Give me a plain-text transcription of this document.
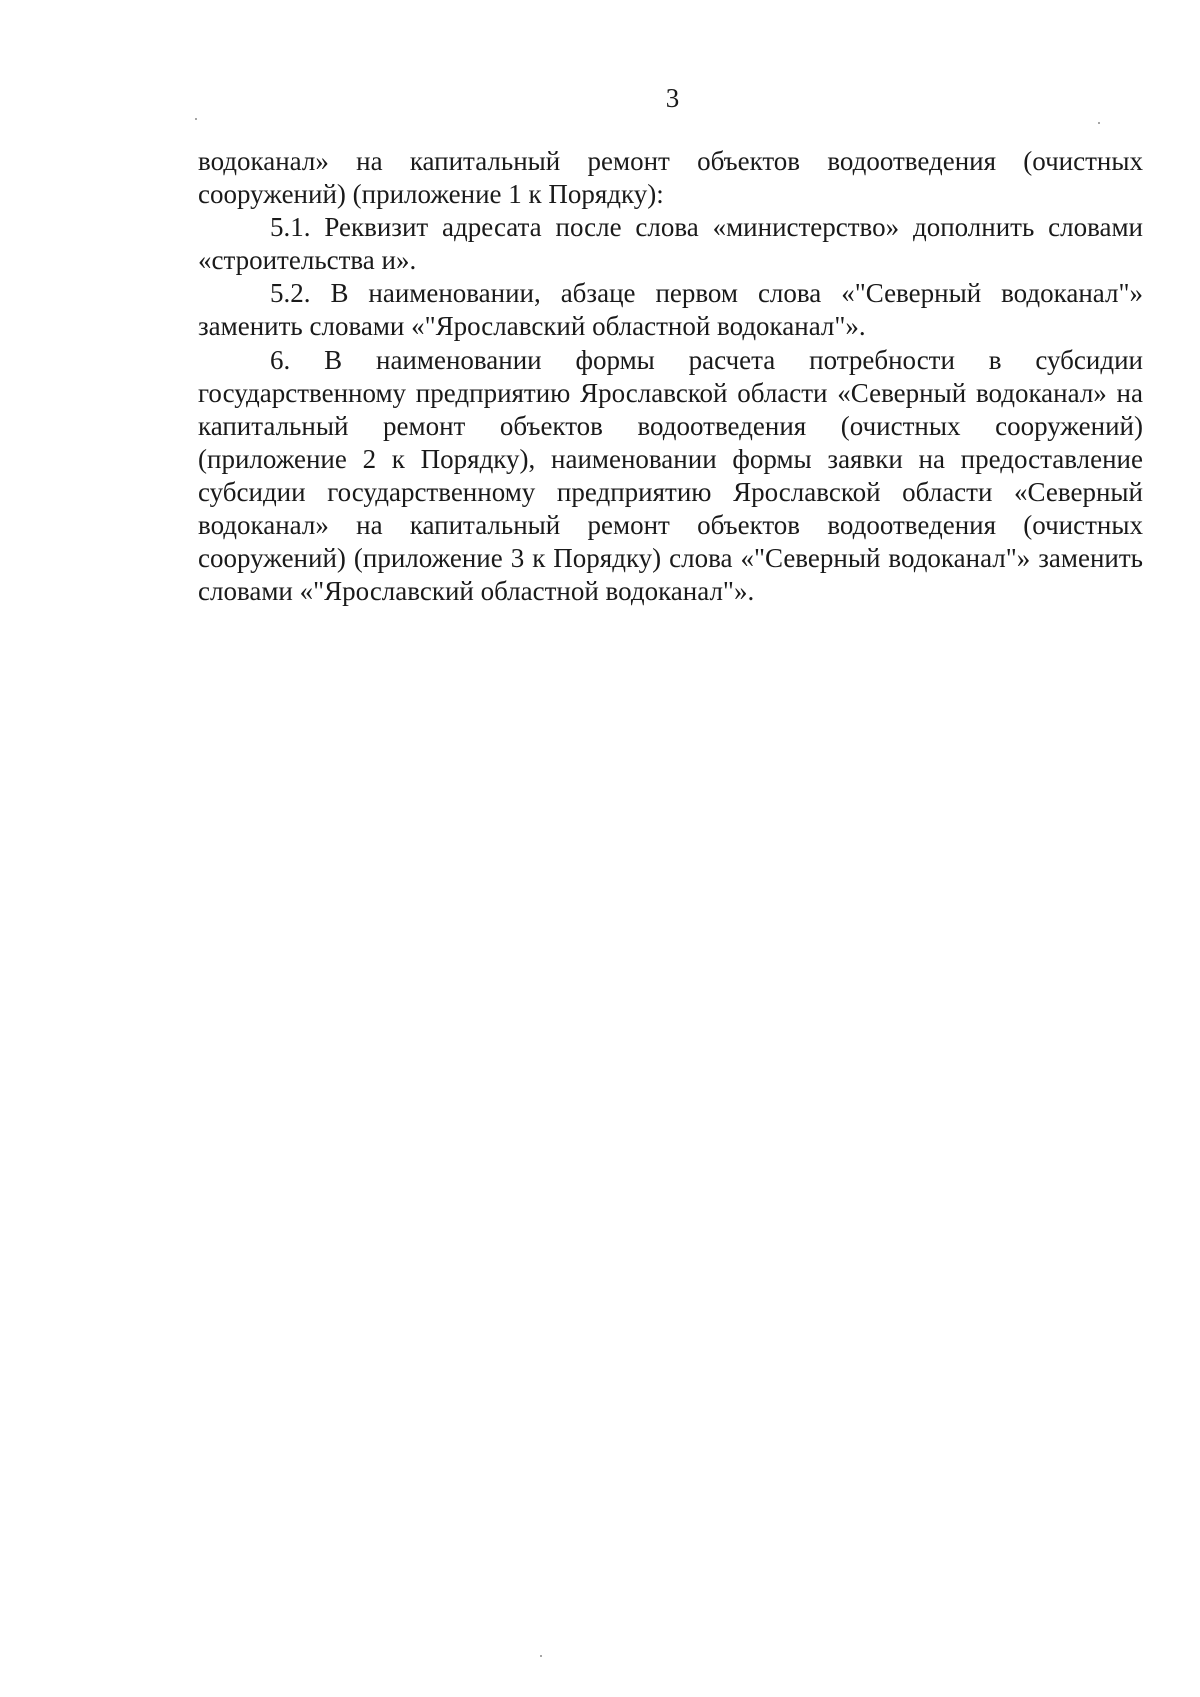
3

водоканал» на капитальный ремонт объектов водоотведения (очистных сооружений) (приложение 1 к Порядку):

5.1. Реквизит адресата после слова «министерство» дополнить словами «строительства и».

5.2. В наименовании, абзаце первом слова «"Северный водоканал"» заменить словами «"Ярославский областной водоканал"».

6. В наименовании формы расчета потребности в субсидии государственному предприятию Ярославской области «Северный водоканал» на капитальный ремонт объектов водоотведения (очистных сооружений) (приложение 2 к Порядку), наименовании формы заявки на предоставление субсидии государственному предприятию Ярославской области «Северный водоканал» на капитальный ремонт объектов водоотведения (очистных сооружений) (приложение 3 к Порядку) слова «"Северный водоканал"» заменить словами «"Ярославский областной водоканал"».
